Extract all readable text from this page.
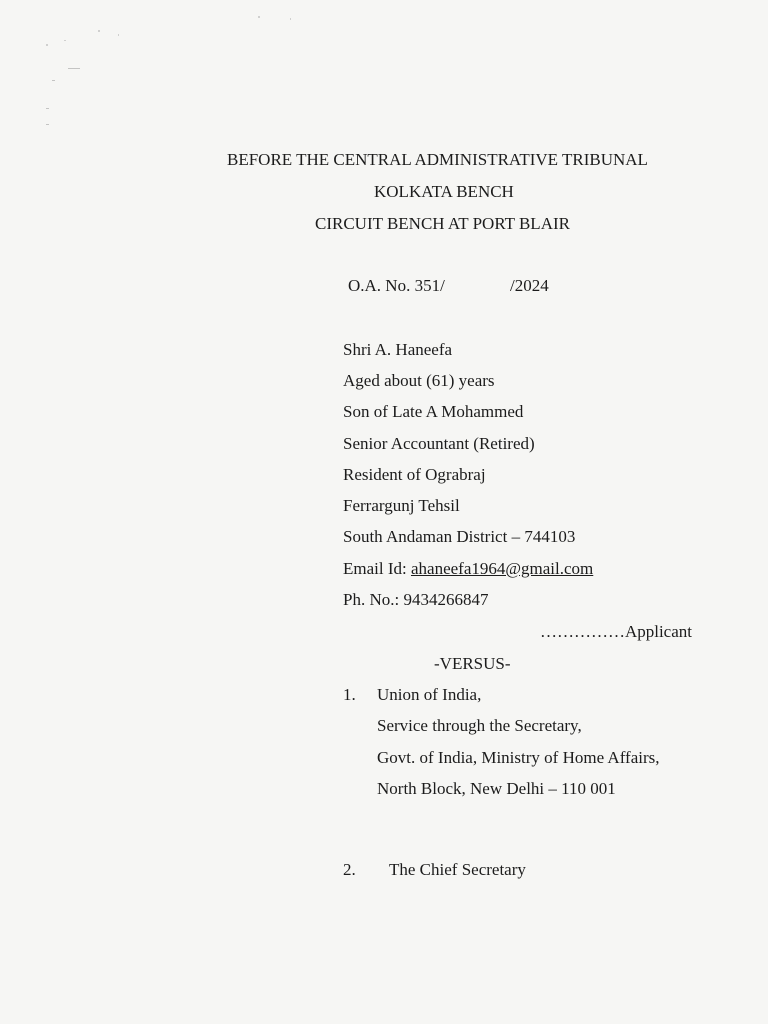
BEFORE THE CENTRAL ADMINISTRATIVE TRIBUNAL
KOLKATA BENCH
CIRCUIT BENCH AT PORT BLAIR
O.A. No. 351/	/2024
Shri A. Haneefa
Aged about (61) years
Son of Late A Mohammed
Senior Accountant (Retired)
Resident of Ograbraj
Ferrargunj Tehsil
South Andaman District – 744103
Email Id: ahaneefa1964@gmail.com
Ph. No.: 9434266847
……………Applicant
-VERSUS-
1. Union of India,
Service through the Secretary,
Govt. of India, Ministry of Home Affairs,
North Block, New Delhi – 110 001
2. The Chief Secretary
